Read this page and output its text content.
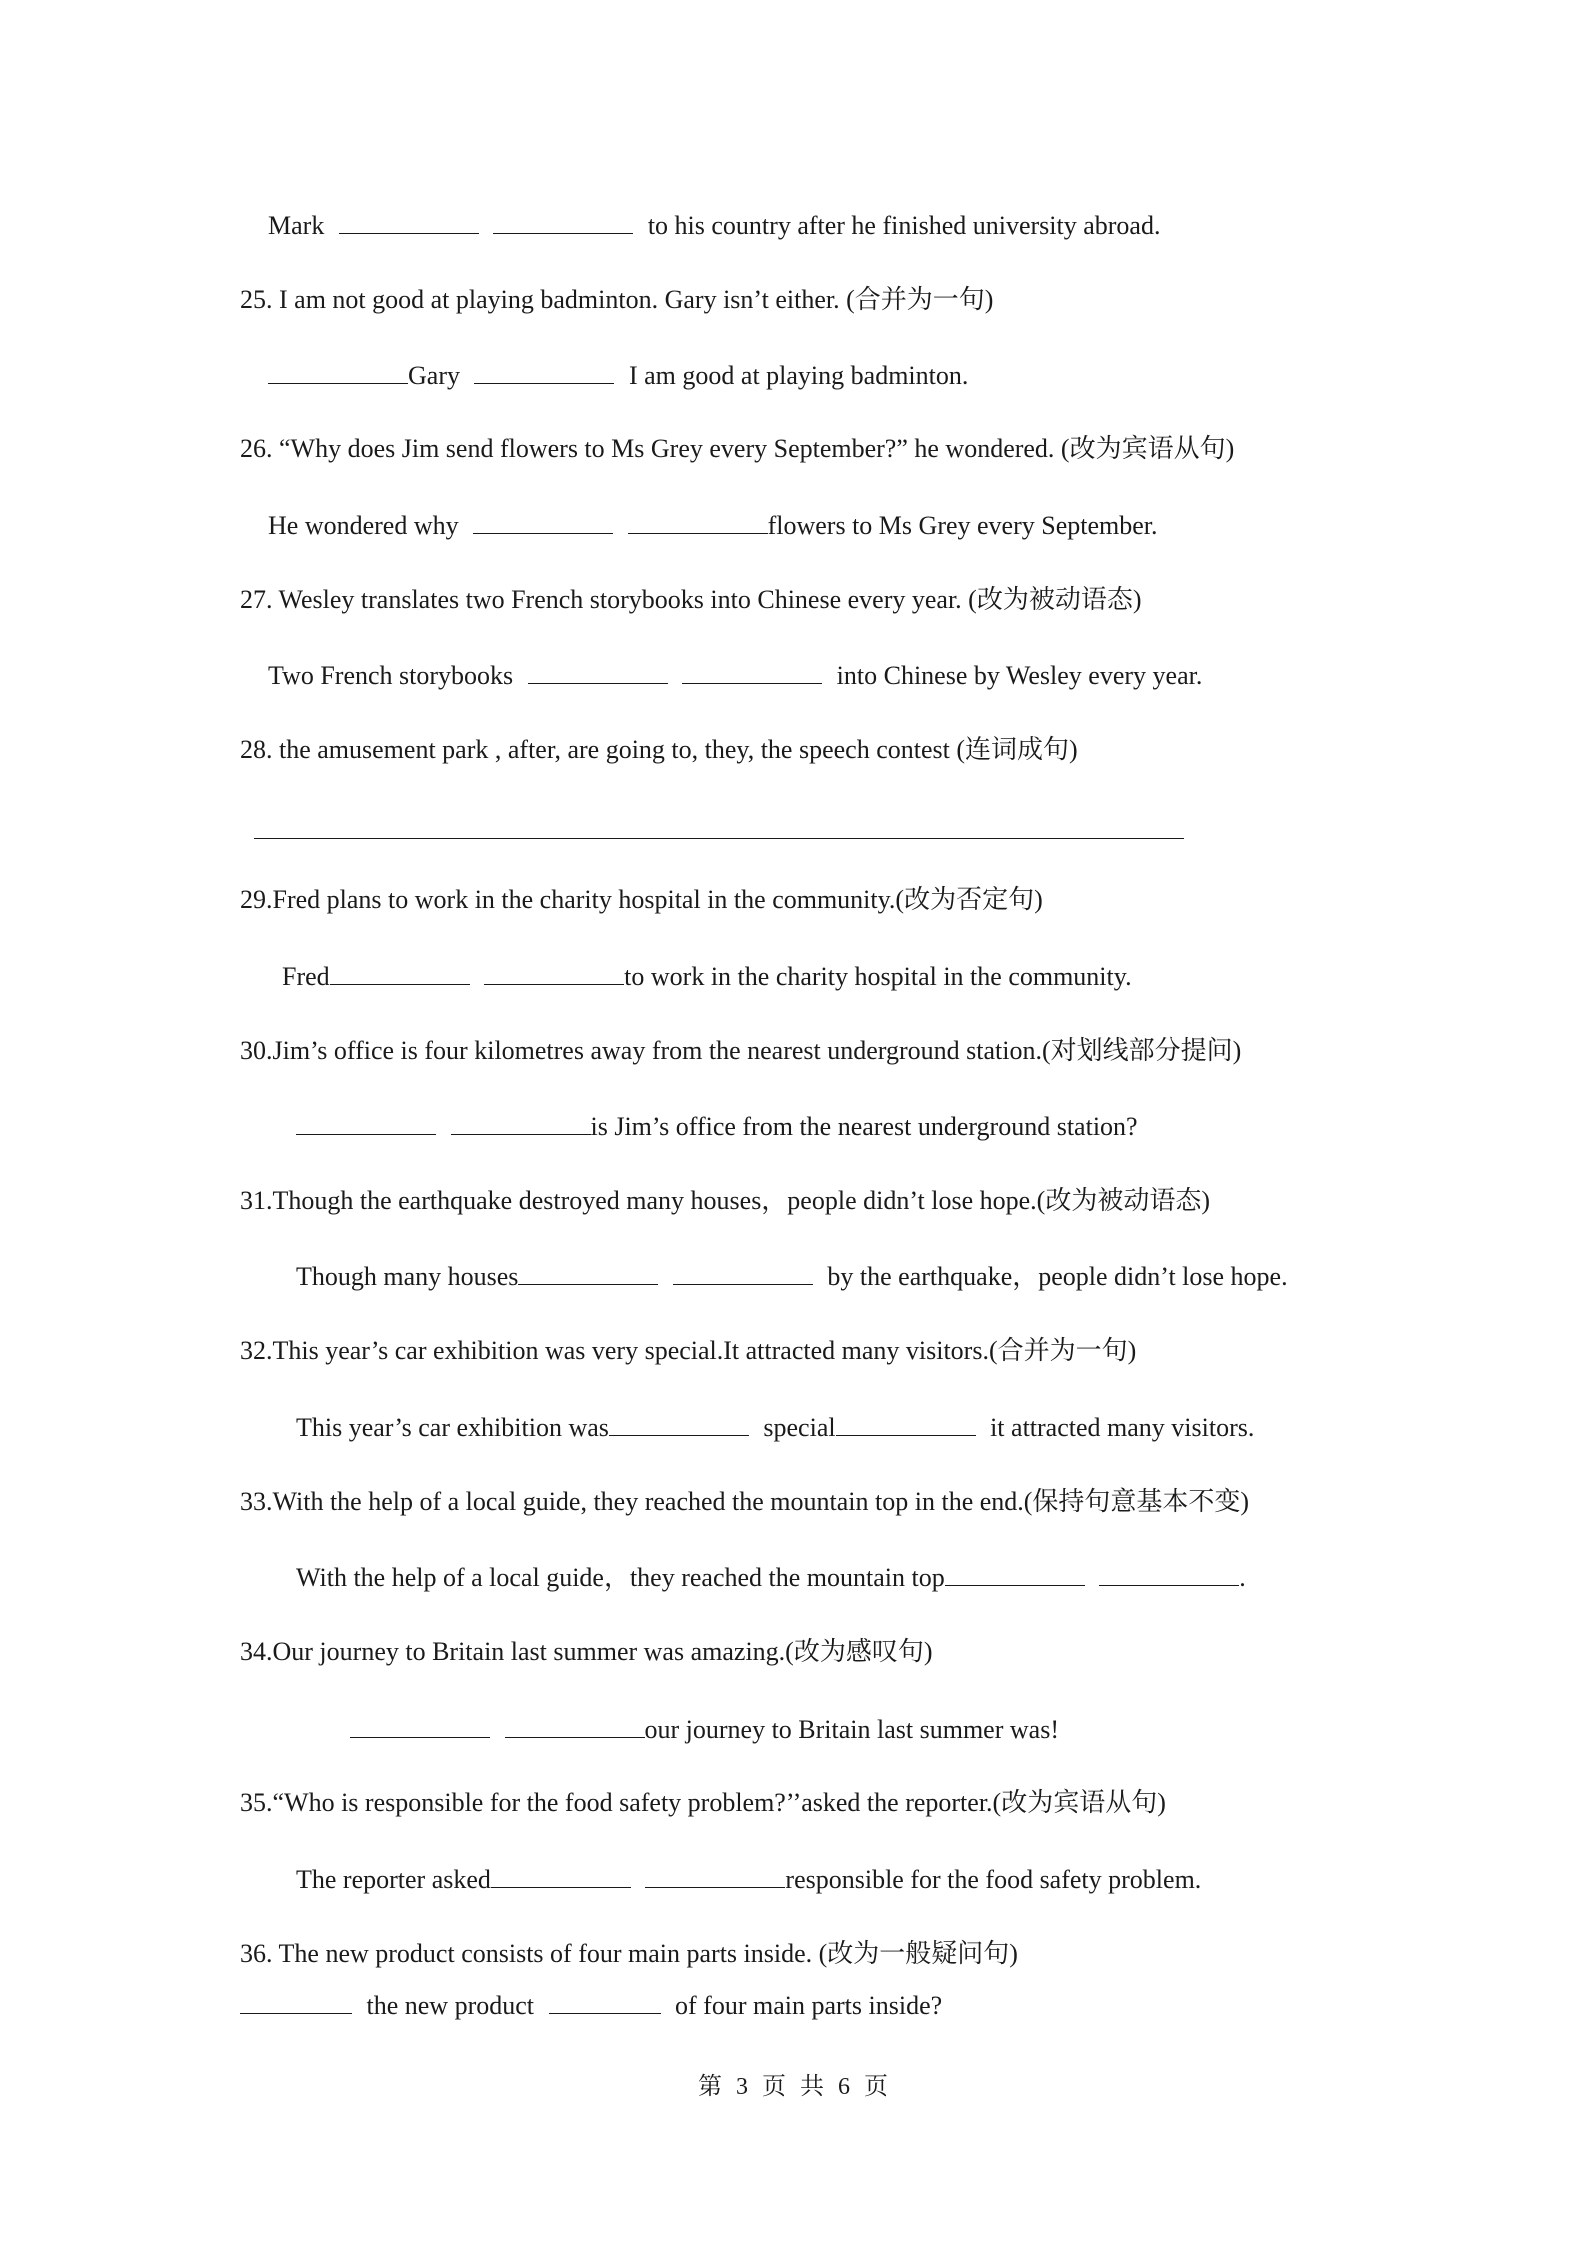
Mark	to his country after he finished university abroad.
25. I am not good at playing badminton. Gary isn’t either. (合并为一句)
Gary	I am good at playing badminton.
26. “Why does Jim send flowers to Ms Grey every September?” he wondered. (改为宾语从句)
He wondered why	flowers to Ms Grey every September.
27. Wesley translates two French storybooks into Chinese every year. (改为被动语态)
Two French storybooks	into Chinese by Wesley every year.
28. the amusement park , after, are going to, they, the speech contest (连词成句)
29.Fred plans to work in the charity hospital in the community.(改为否定句)
Fred	to work in the charity hospital in the community.
30.Jim’s office is four kilometres away from the nearest underground station.(对划线部分提问)
is Jim’s office from the nearest underground station?
31.Though the earthquake destroyed many houses，people didn’t lose hope.(改为被动语态)
Though many houses	by the earthquake，people didn’t lose hope.
32.This year’s car exhibition was very special.It attracted many visitors.(合并为一句)
This year’s car exhibition was	special	it attracted many visitors.
33.With the help of a local guide, they reached the mountain top in the end.(保持句意基本不变)
With the help of a local guide，they reached the mountain top	.
34.Our journey to Britain last summer was amazing.(改为感叹句)
our journey to Britain last summer was!
35.“Who is responsible for the food safety problem?’’asked the reporter.(改为宾语从句)
The reporter asked	responsible for the food safety problem.
36. The new product consists of four main parts inside. (改为一般疑问句)
the new product	of four main parts inside?
第 3 页 共 6 页
